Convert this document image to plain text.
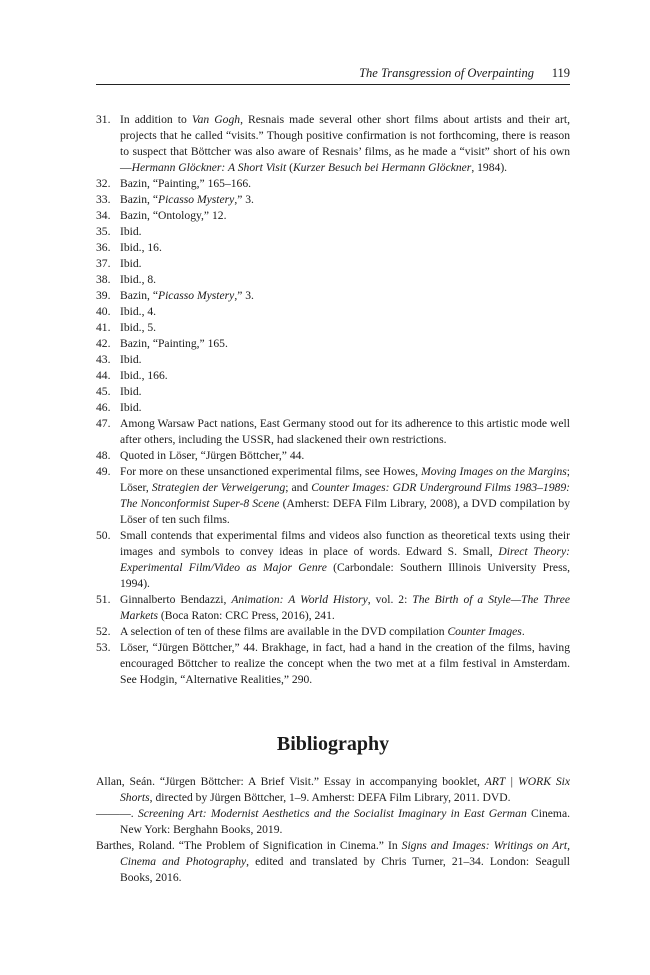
The Transgression of Overpainting 119
31. In addition to Van Gogh, Resnais made several other short films about artists and their art, projects that he called “visits.” Though positive confirmation is not forthcoming, there is reason to suspect that Böttcher was also aware of Resnais’ films, as he made a “visit” short of his own—Hermann Glöckner: A Short Visit (Kurzer Besuch bei Hermann Glöckner, 1984).
32. Bazin, “Painting,” 165–166.
33. Bazin, “Picasso Mystery,” 3.
34. Bazin, “Ontology,” 12.
35. Ibid.
36. Ibid., 16.
37. Ibid.
38. Ibid., 8.
39. Bazin, “Picasso Mystery,” 3.
40. Ibid., 4.
41. Ibid., 5.
42. Bazin, “Painting,” 165.
43. Ibid.
44. Ibid., 166.
45. Ibid.
46. Ibid.
47. Among Warsaw Pact nations, East Germany stood out for its adherence to this artistic mode well after others, including the USSR, had slackened their own restrictions.
48. Quoted in Löser, “Jürgen Böttcher,” 44.
49. For more on these unsanctioned experimental films, see Howes, Moving Images on the Margins; Löser, Strategien der Verweigerung; and Counter Images: GDR Underground Films 1983–1989: The Nonconformist Super-8 Scene (Amherst: DEFA Film Library, 2008), a DVD compilation by Löser of ten such films.
50. Small contends that experimental films and videos also function as theoretical texts using their images and symbols to convey ideas in place of words. Edward S. Small, Direct Theory: Experimental Film/Video as Major Genre (Carbondale: Southern Illinois University Press, 1994).
51. Ginnalberto Bendazzi, Animation: A World History, vol. 2: The Birth of a Style—The Three Markets (Boca Raton: CRC Press, 2016), 241.
52. A selection of ten of these films are available in the DVD compilation Counter Images.
53. Löser, “Jürgen Böttcher,” 44. Brakhage, in fact, had a hand in the creation of the films, having encouraged Böttcher to realize the concept when the two met at a film festival in Amsterdam. See Hodgin, “Alternative Realities,” 290.
Bibliography
Allan, Seán. “Jürgen Böttcher: A Brief Visit.” Essay in accompanying booklet, ART | WORK Six Shorts, directed by Jürgen Böttcher, 1–9. Amherst: DEFA Film Library, 2011. DVD.
———. Screening Art: Modernist Aesthetics and the Socialist Imaginary in East German Cinema. New York: Berghahn Books, 2019.
Barthes, Roland. “The Problem of Signification in Cinema.” In Signs and Images: Writings on Art, Cinema and Photography, edited and translated by Chris Turner, 21–34. London: Seagull Books, 2016.
